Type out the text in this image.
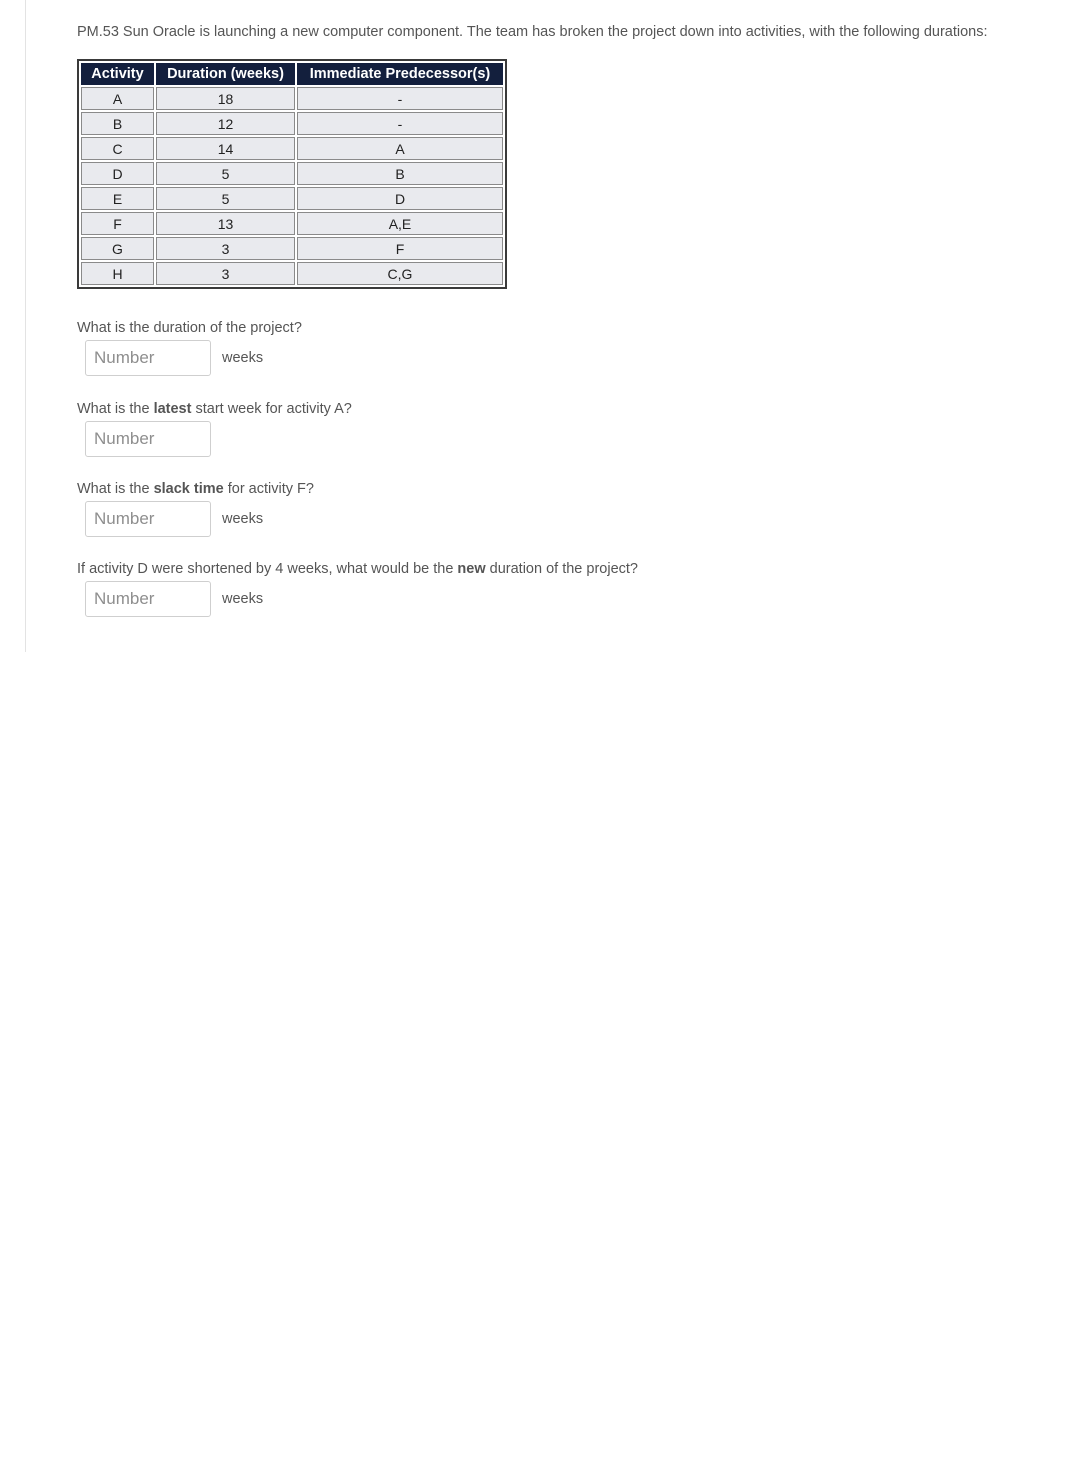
PM.53 Sun Oracle is launching a new computer component. The team has broken the project down into activities, with the following durations:

Activity	Duration (weeks)	Immediate Predecessor(s)
A	18	-
B	12	-
C	14	A
D	5	B
E	5	D
F	13	A,E
G	3	F
H	3	C,G

What is the duration of the project?

Number
weeks

What is the latest start week for activity A?

Number

What is the slack time for activity F?

Number
weeks

If activity D were shortened by 4 weeks, what would be the new duration of the project?

Number
weeks
